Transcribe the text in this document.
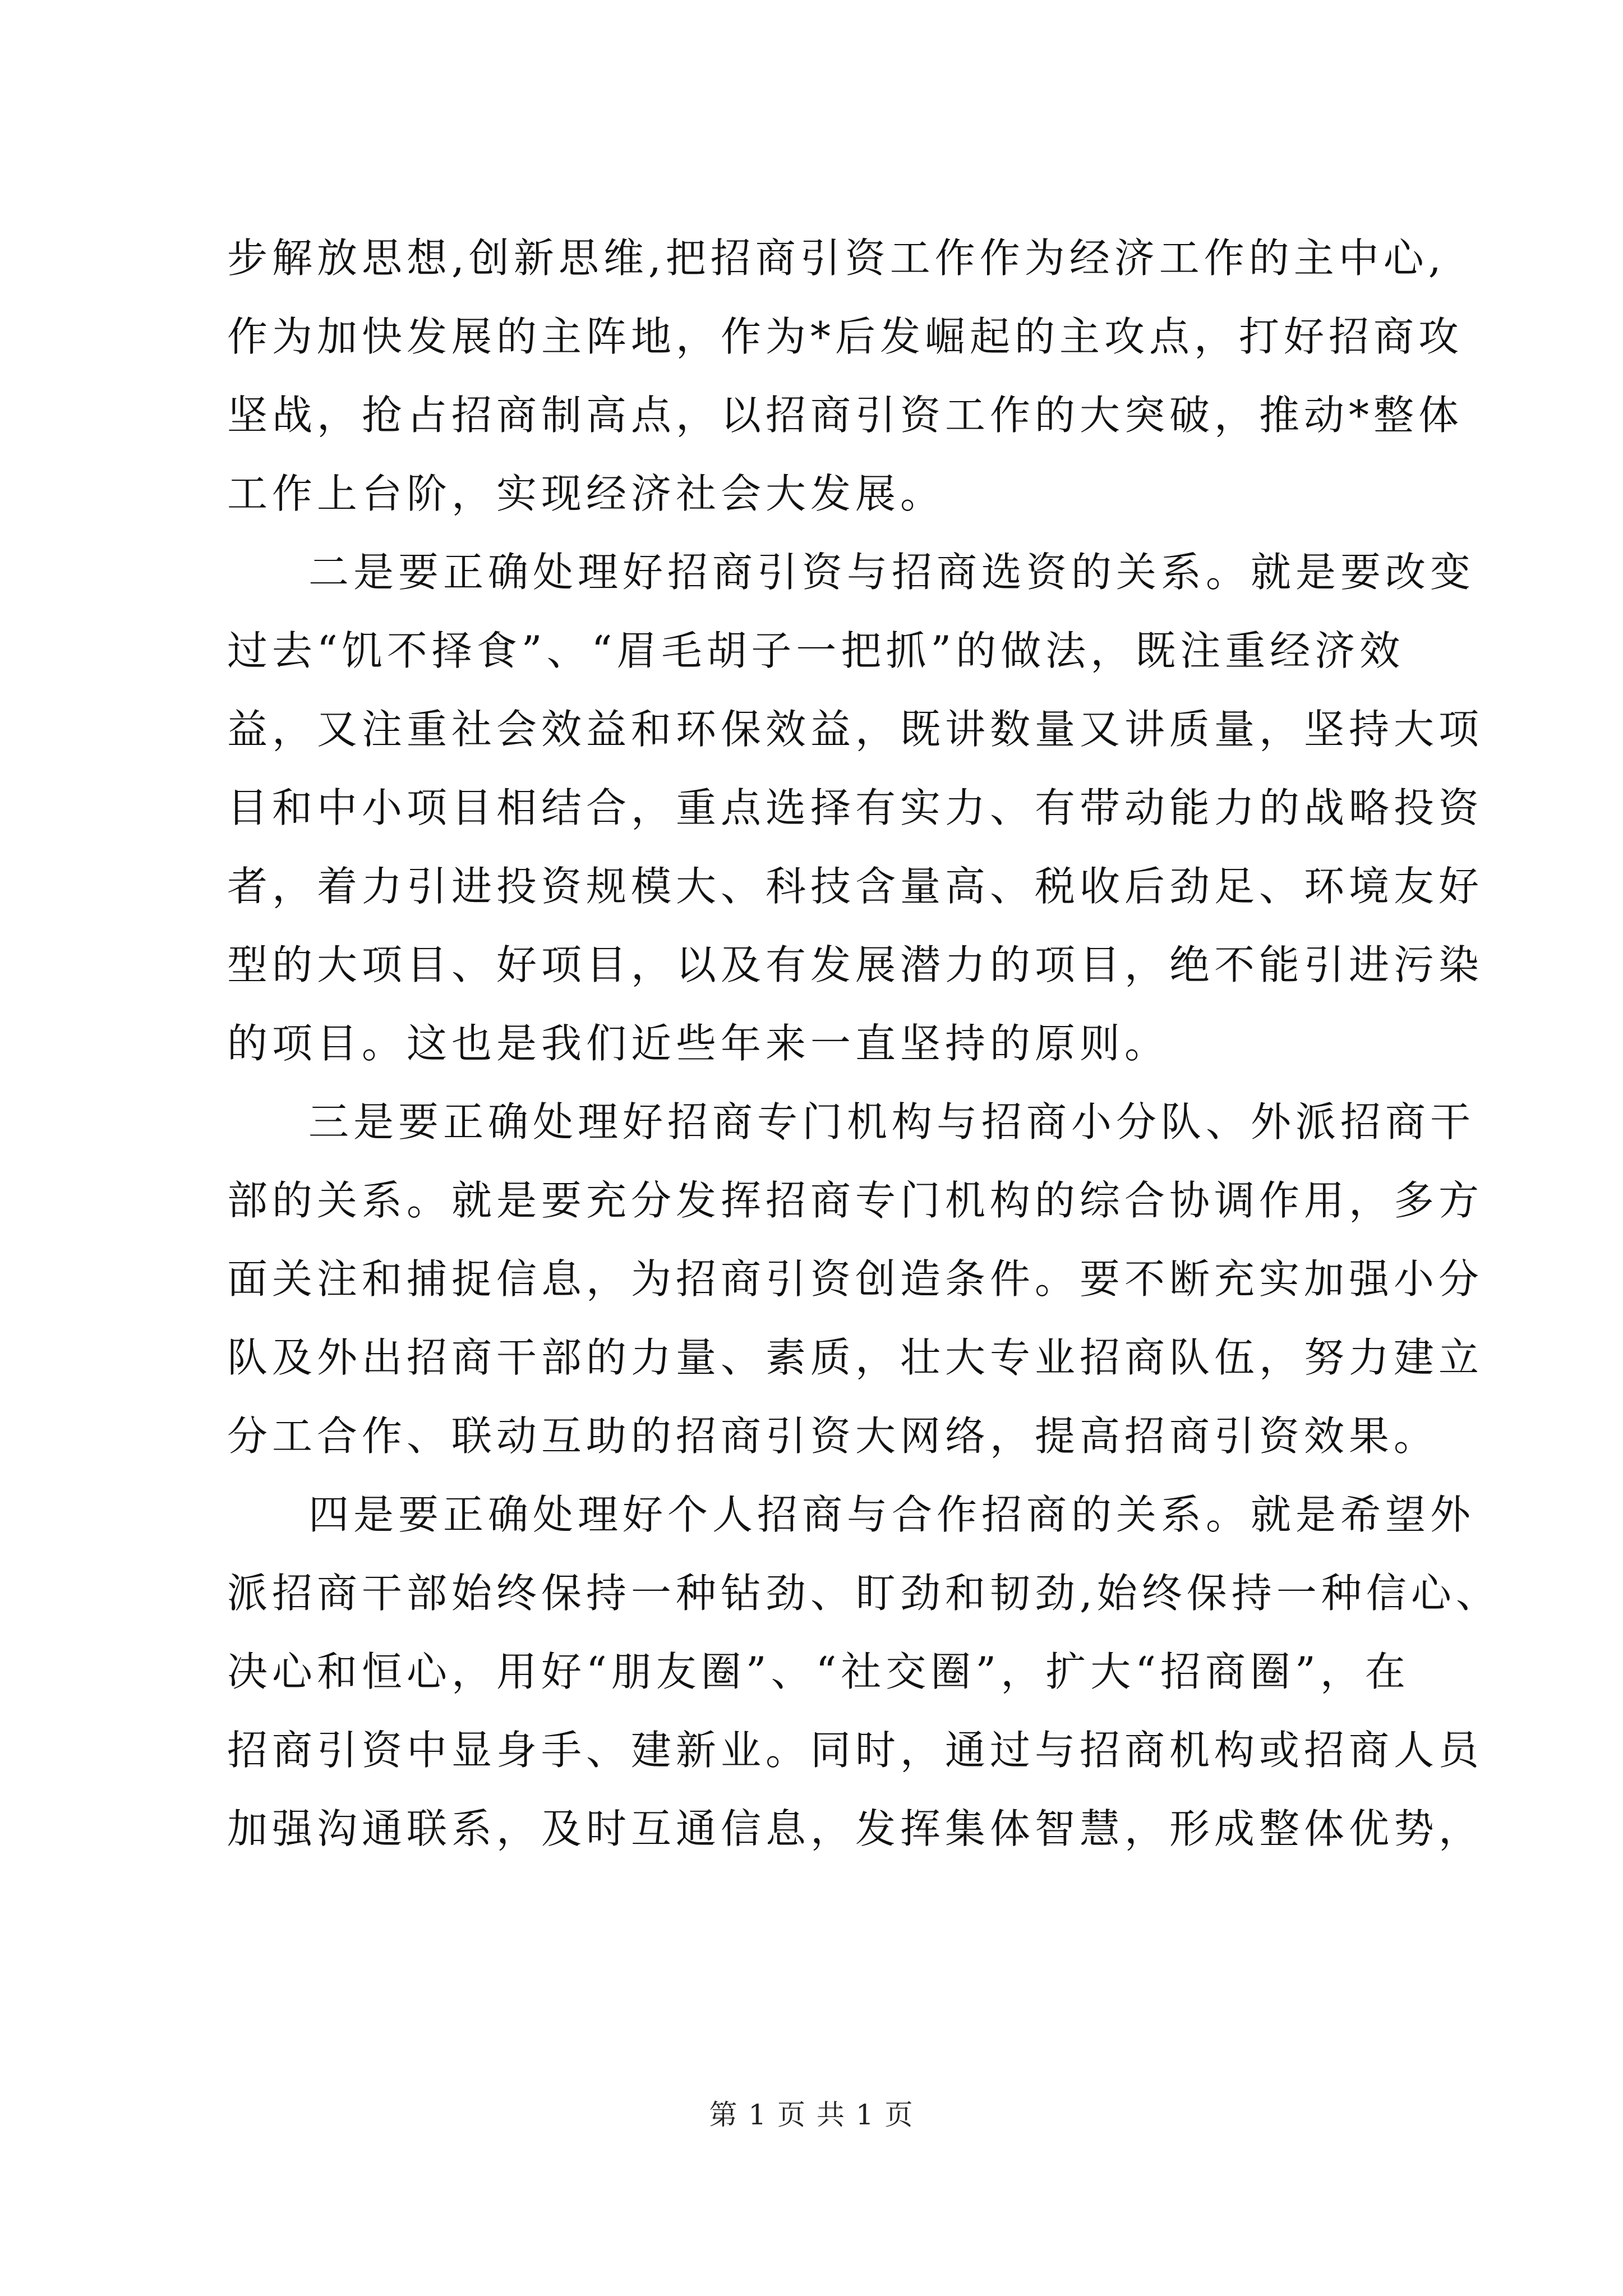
步解放思想,创新思维,把招商引资工作作为经济工作的主中心,
作为加快发展的主阵地，作为*后发崛起的主攻点，打好招商攻
坚战，抢占招商制高点，以招商引资工作的大突破，推动*整体
工作上台阶，实现经济社会大发展。
二是要正确处理好招商引资与招商选资的关系。就是要改变
过去“饥不择食”、“眉毛胡子一把抓”的做法，既注重经济效
益，又注重社会效益和环保效益，既讲数量又讲质量，坚持大项
目和中小项目相结合，重点选择有实力、有带动能力的战略投资
者，着力引进投资规模大、科技含量高、税收后劲足、环境友好
型的大项目、好项目，以及有发展潜力的项目，绝不能引进污染
的项目。这也是我们近些年来一直坚持的原则。
三是要正确处理好招商专门机构与招商小分队、外派招商干
部的关系。就是要充分发挥招商专门机构的综合协调作用，多方
面关注和捕捉信息，为招商引资创造条件。要不断充实加强小分
队及外出招商干部的力量、素质，壮大专业招商队伍，努力建立
分工合作、联动互助的招商引资大网络，提高招商引资效果。
四是要正确处理好个人招商与合作招商的关系。就是希望外
派招商干部始终保持一种钻劲、盯劲和韧劲,始终保持一种信心、
决心和恒心，用好“朋友圈”、“社交圈”，扩大“招商圈”，在
招商引资中显身手、建新业。同时，通过与招商机构或招商人员
加强沟通联系，及时互通信息，发挥集体智慧，形成整体优势，
第 1 页 共 1 页
